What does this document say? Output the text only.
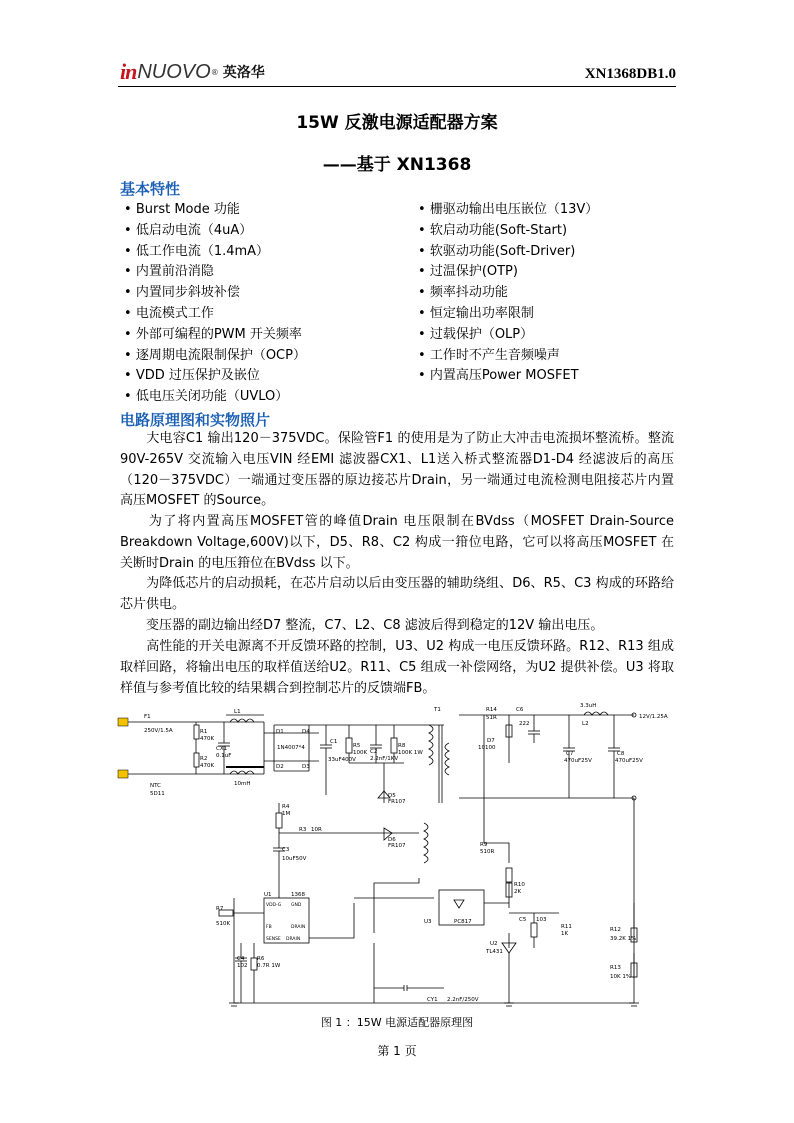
in NUOVO ® 英洛华	XN1368DB1.0
15W 反激电源适配器方案
——基于 XN1368
基本特性
• Burst Mode 功能
• 低启动电流（4uA）
• 低工作电流（1.4mA）
• 内置前沿消隐
• 内置同步斜坡补偿
• 电流模式工作
• 外部可编程的PWM 开关频率
• 逐周期电流限制保护（OCP）
• VDD 过压保护及嵌位
• 低电压关闭功能（UVLO）
• 栅驱动输出电压嵌位（13V）
• 软启动功能(Soft-Start)
• 软驱动功能(Soft-Driver)
• 过温保护(OTP)
• 频率抖动功能
• 恒定输出功率限制
• 过载保护（OLP）
• 工作时不产生音频噪声
• 内置高压Power MOSFET
电路原理图和实物照片
　　大电容C1 输出120－375VDC。保险管F1 的使用是为了防止大冲击电流损坏整流桥。整流90V-265V 交流输入电压VIN 经EMI 滤波器CX1、L1送入桥式整流器D1-D4 经滤波后的高压（120－375VDC）一端通过变压器的原边接芯片Drain，另一端通过电流检测电阻接芯片内置高压MOSFET 的Source。
　　为了将内置高压MOSFET管的峰值Drain 电压限制在BVdss（MOSFET Drain-Source Breakdown Voltage,600V)以下，D5、R8、C2 构成一箝位电路，它可以将高压MOSFET 在关断时Drain 的电压箝位在BVdss 以下。
　　为降低芯片的启动损耗，在芯片启动以后由变压器的辅助绕组、D6、R5、C3 构成的环路给芯片供电。
　　变压器的副边输出经D7 整流，C7、L2、C8 滤波后得到稳定的12V 输出电压。
　　高性能的开关电源离不开反馈环路的控制，U3、U2 构成一电压反馈环路。R12、R13 组成取样回路，将输出电压的取样值送给U2。R11、C5 组成一补偿网络，为U2 提供补偿。U3 将取样值与参考值比较的结果耦合到控制芯片的反馈端FB。
F1
250V/1.5A	R1
470K
R2
470K
CX1
0.1uF
L1
10mH
NTC
5D11
D1
D2	D3
D4
1N4007*4
C1
33uF400V
R5
100K C2
2.2nF/1KV
R8
100K 1W
T1
R4
1M
R3 10R
D5
FR107
D6
FR107
C3
10uF50V
U1	1368
VDD-G GND
FB	DRAIN
SENSE DRAIN
R7
510K
C4
102
R6
0.7R 1W
U3	PC817
R14
51R
C6
222
D7
10100
3.3uH
L2
C7
470uF25V
C8
470uF25V
12V/1.25A
R9
510R
R10
2K
C5 103
R11
1K
U2
TL431
R12
39.2K 1%
R13
10K 1%
CY1 2.2nF/250V
图 1 ：15W 电源适配器原理图
第 1 页
